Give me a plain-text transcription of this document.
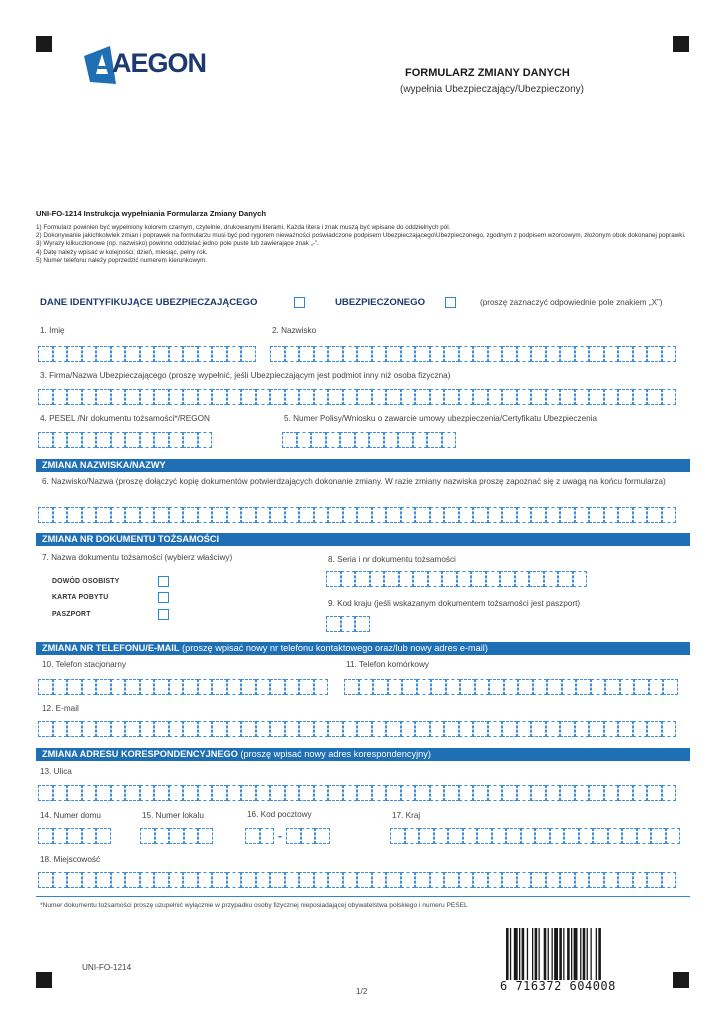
AEGON	FORMULARZ ZMIANY DANYCH
(wypełnia Ubezpieczający/Ubezpieczony)
UNI-FO-1214 Instrukcja wypełniania Formularza Zmiany Danych
1) Formularz powinien być wypełniony kolorem czarnym, czytelnie, drukowanymi literami. Każda litera i znak muszą być wpisane do oddzielnych pól.
2) Dokonywanie jakichkolwiek zmian i poprawek na formularzu musi być pod rygorem nieważności poświadczone podpisem Ubezpieczającego\Ubezpieczonego, zgodnym z podpisem wzorcowym, złożonym obok dokonanej poprawki.
3) Wyrazy kilkuczłonowe (np. nazwisko) powinno oddzielać jedno pole puste lub zawierające znak „-”.
4) Datę należy wpisać w kolejności: dzień, miesiąc, pełny rok.
5) Numer telefonu należy poprzedzić numerem kierunkowym.
DANE IDENTYFIKUJĄCE UBEZPIECZAJĄCEGO	UBEZPIECZONEGO	(proszę zaznaczyć odpowiednie pole znakiem „X”)
1. Imię	2. Nazwisko
3. Firma/Nazwa Ubezpieczającego (proszę wypełnić, jeśli Ubezpieczającym jest podmiot inny niż osoba fizyczna)
4. PESEL /Nr dokumentu tożsamości*/REGON	5. Numer Polisy/Wniosku o zawarcie umowy ubezpieczenia/Certyfikatu Ubezpieczenia
ZMIANA NAZWISKA/NAZWY
6. Nazwisko/Nazwa (proszę dołączyć kopię dokumentów potwierdzających dokonanie zmiany. W razie zmiany nazwiska proszę zapoznać się z uwagą na końcu formularza)
ZMIANA NR DOKUMENTU TOŻSAMOŚCI
7. Nazwa dokumentu tożsamości (wybierz właściwy)	8. Seria i nr dokumentu tożsamości
DOWÓD OSOBISTY
KARTA POBYTU
PASZPORT
9. Kod kraju (jeśli wskazanym dokumentem tożsamości jest paszport)
ZMIANA NR TELEFONU/E-MAIL (proszę wpisać nowy nr telefonu kontaktowego oraz/lub nowy adres e-mail)
10. Telefon stacjonarny	11. Telefon komórkowy
12. E-mail
ZMIANA ADRESU KORESPONDENCYJNEGO (proszę wpisać nowy adres korespondencyjny)
13. Ulica
14. Numer domu	15. Numer lokalu	16. Kod pocztowy	17. Kraj
-
18. Miejscowość
*Numer dokumentu tożsamości proszę uzupełnić wyłącznie w przypadku osoby fizycznej nieposiadającej obywatelstwa polskiego i numeru PESEL
6 716372 604008
UNI-FO-1214
1/2
